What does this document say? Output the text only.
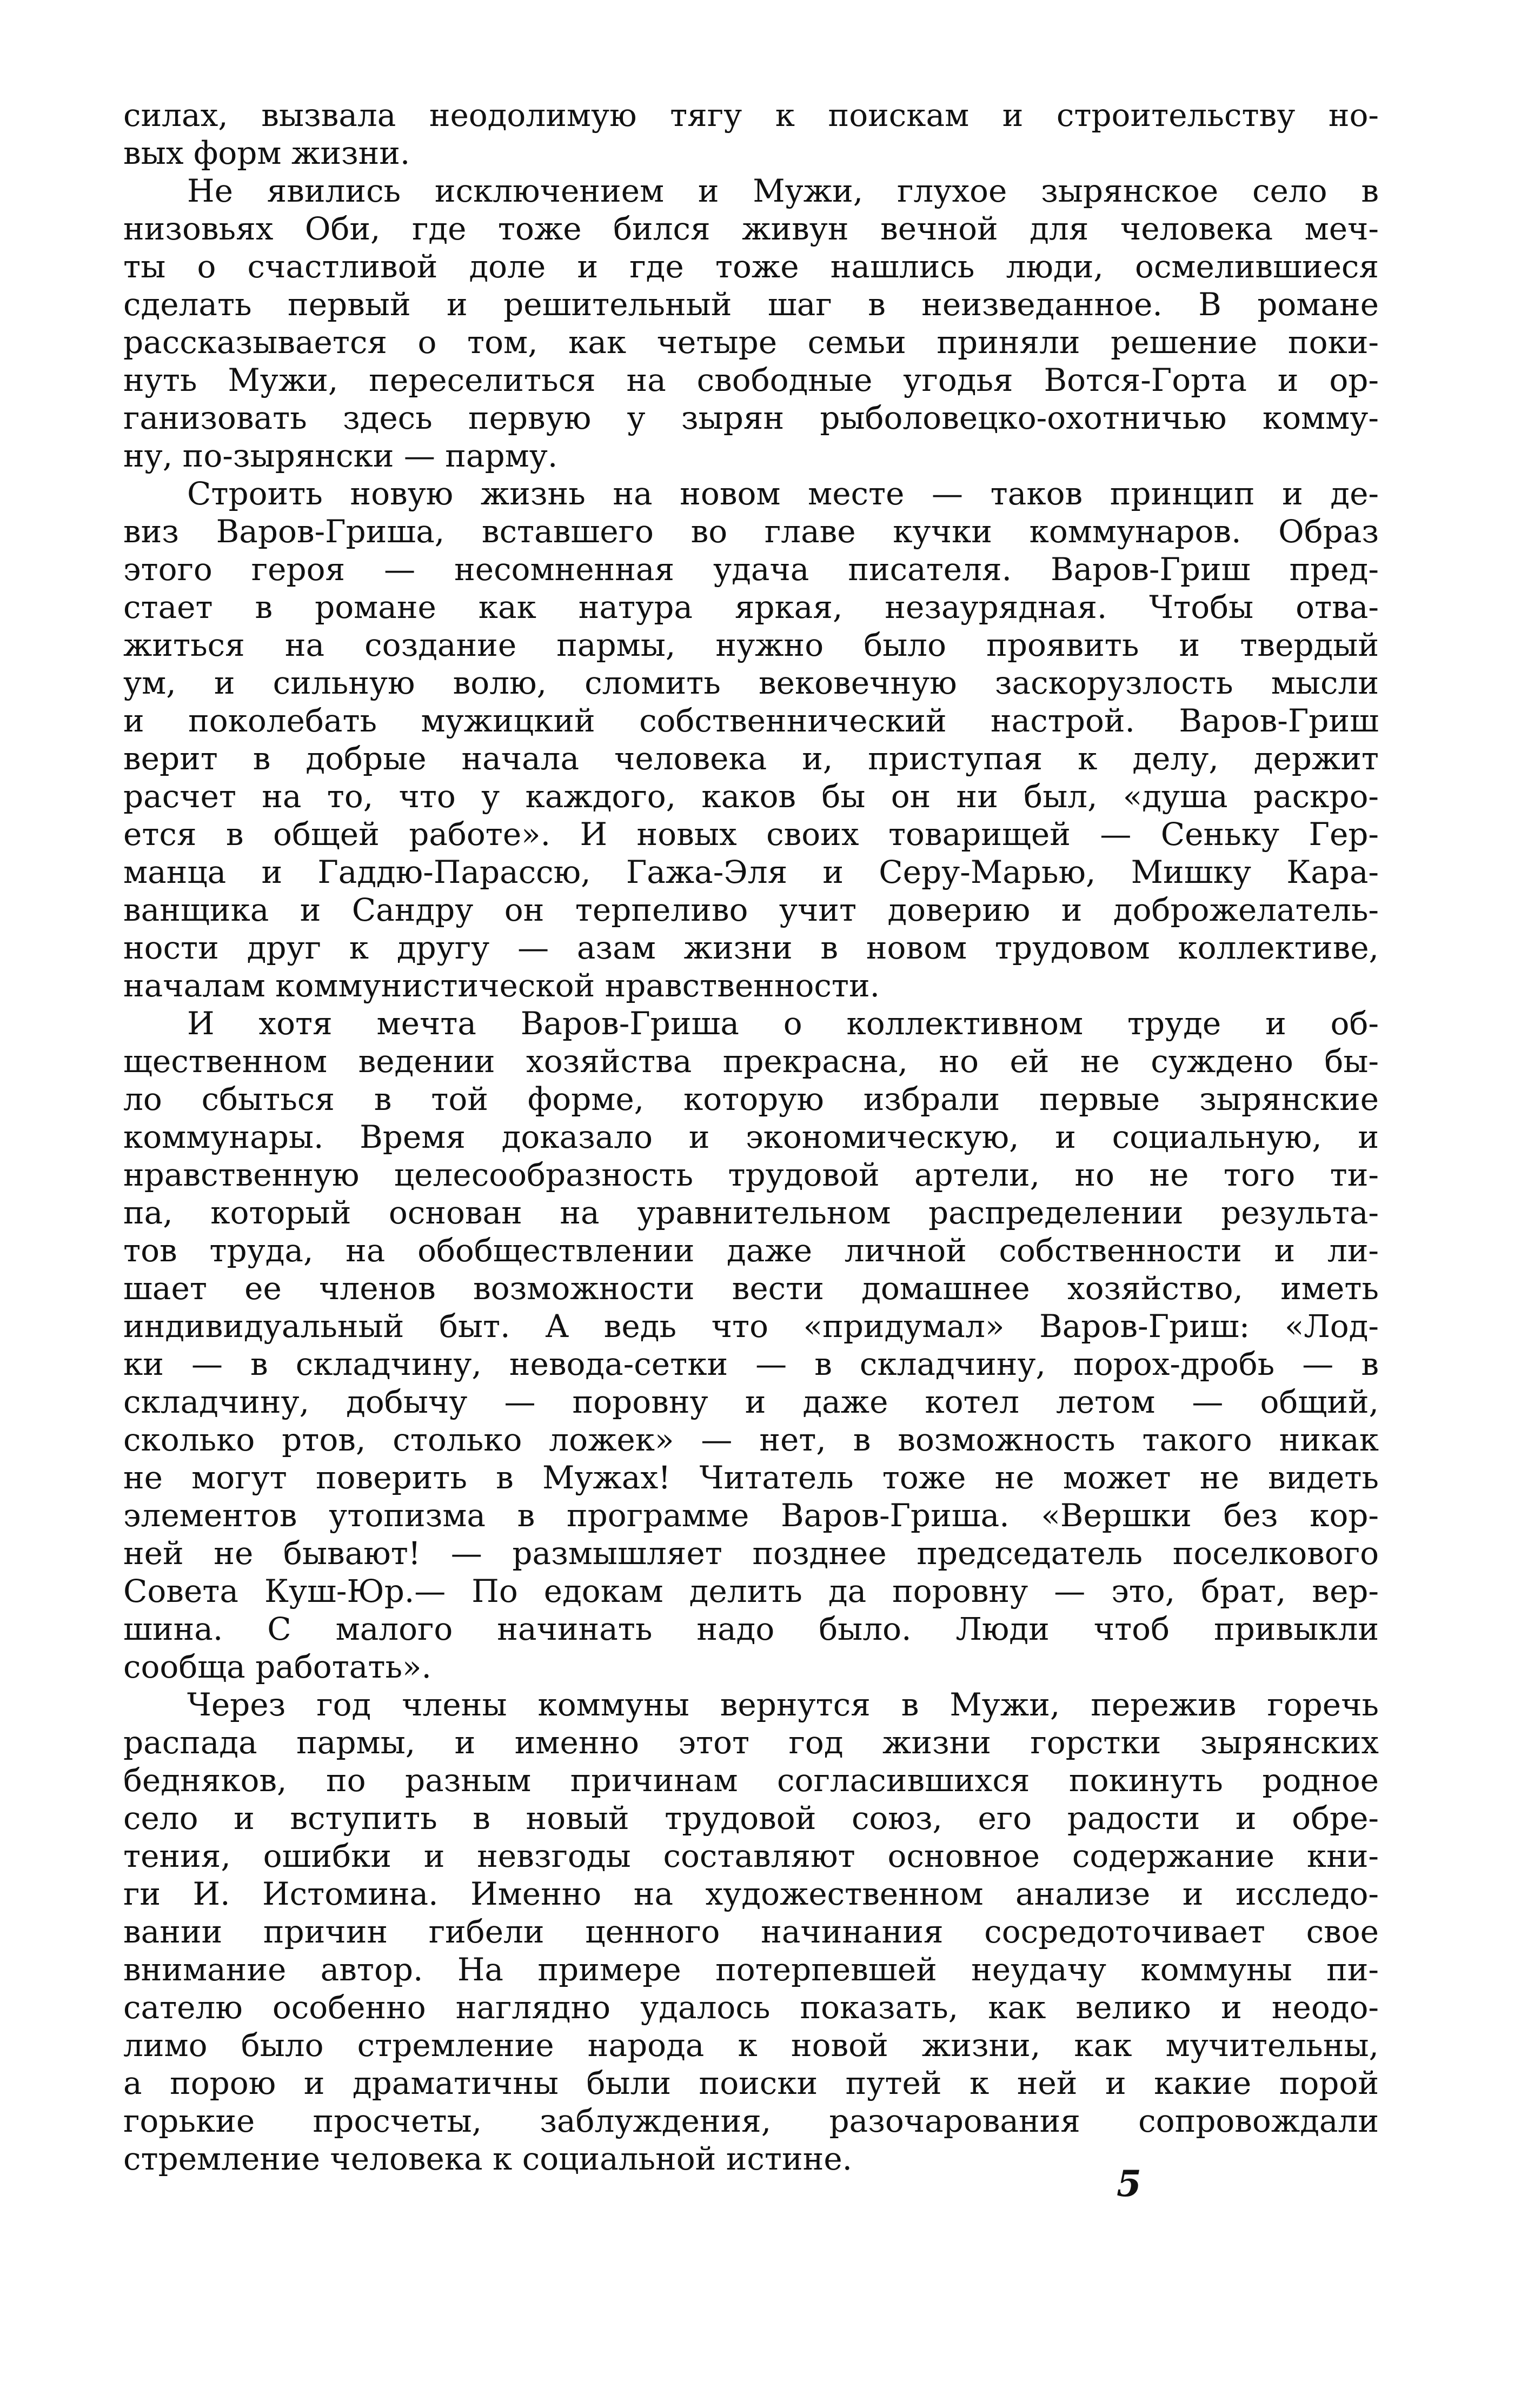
силах, вызвала неодолимую тягу к поискам и строительству но-
вых форм жизни.
Не явились исключением и Мужи, глухое зырянское село в
низовьях Оби, где тоже бился живун вечной для человека меч-
ты о счастливой доле и где тоже нашлись люди, осмелившиеся
сделать первый и решительный шаг в неизведанное. В романе
рассказывается о том, как четыре семьи приняли решение поки-
нуть Мужи, переселиться на свободные угодья Вотся-Горта и ор-
ганизовать здесь первую у зырян рыболовецко-охотничью комму-
ну, по-зырянски — парму.
Строить новую жизнь на новом месте — таков принцип и де-
виз Варов-Гриша, вставшего во главе кучки коммунаров. Образ
этого героя — несомненная удача писателя. Варов-Гриш пред-
стает в романе как натура яркая, незаурядная. Чтобы отва-
житься на создание пармы, нужно было проявить и твердый
ум, и сильную волю, сломить вековечную заскорузлость мысли
и поколебать мужицкий собственнический настрой. Варов-Гриш
верит в добрые начала человека и, приступая к делу, держит
расчет на то, что у каждого, каков бы он ни был, «душа раскро-
ется в общей работе». И новых своих товарищей — Сеньку Гер-
манца и Гаддю-Парассю, Гажа-Эля и Серу-Марью, Мишку Кара-
ванщика и Сандру он терпеливо учит доверию и доброжелатель-
ности друг к другу — азам жизни в новом трудовом коллективе,
началам коммунистической нравственности.
И хотя мечта Варов-Гриша о коллективном труде и об-
щественном ведении хозяйства прекрасна, но ей не суждено бы-
ло сбыться в той форме, которую избрали первые зырянские
коммунары. Время доказало и экономическую, и социальную, и
нравственную целесообразность трудовой артели, но не того ти-
па, который основан на уравнительном распределении результа-
тов труда, на обобществлении даже личной собственности и ли-
шает ее членов возможности вести домашнее хозяйство, иметь
индивидуальный быт. А ведь что «придумал» Варов-Гриш: «Лод-
ки — в складчину, невода-сетки — в складчину, порох-дробь — в
складчину, добычу — поровну и даже котел летом — общий,
сколько ртов, столько ложек» — нет, в возможность такого никак
не могут поверить в Мужах! Читатель тоже не может не видеть
элементов утопизма в программе Варов-Гриша. «Вершки без кор-
ней не бывают! — размышляет позднее председатель поселкового
Совета Куш-Юр.— По едокам делить да поровну — это, брат, вер-
шина. С малого начинать надо было. Люди чтоб привыкли
сообща работать».
Через год члены коммуны вернутся в Мужи, пережив горечь
распада пармы, и именно этот год жизни горстки зырянских
бедняков, по разным причинам согласившихся покинуть родное
село и вступить в новый трудовой союз, его радости и обре-
тения, ошибки и невзгоды составляют основное содержание кни-
ги И. Истомина. Именно на художественном анализе и исследо-
вании причин гибели ценного начинания сосредоточивает свое
внимание автор. На примере потерпевшей неудачу коммуны пи-
сателю особенно наглядно удалось показать, как велико и неодо-
лимо было стремление народа к новой жизни, как мучительны,
а порою и драматичны были поиски путей к ней и какие порой
горькие просчеты, заблуждения, разочарования сопровождали
стремление человека к социальной истине.
5
